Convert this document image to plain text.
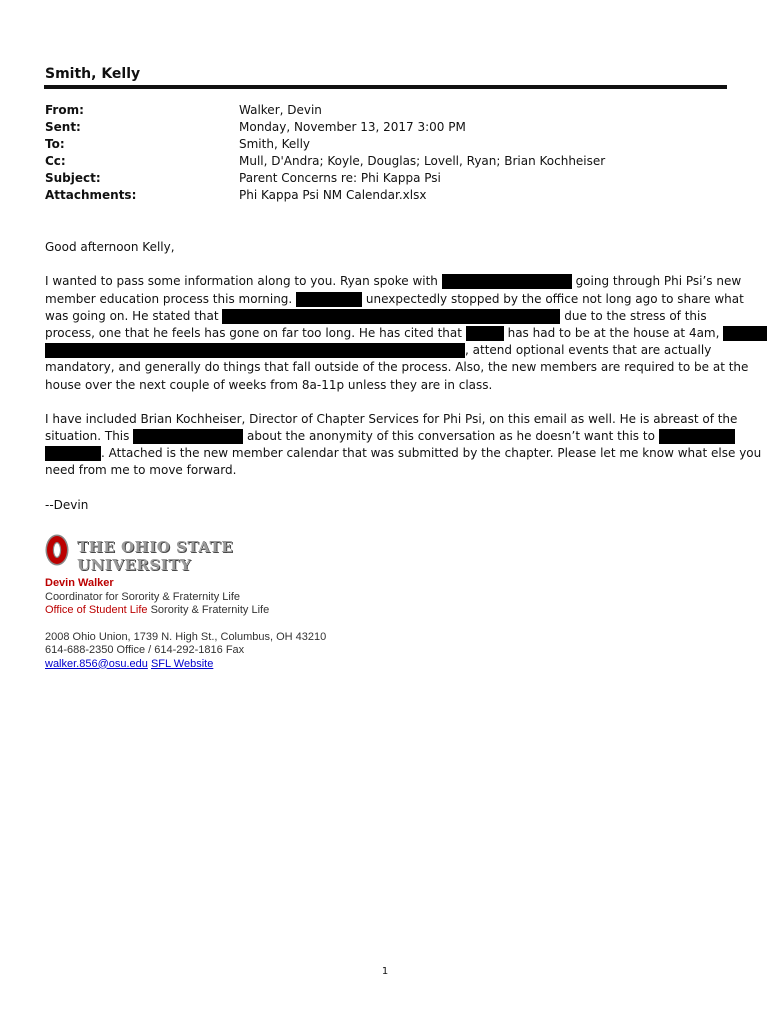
Smith, Kelly
From:	Walker, Devin
Sent:	Monday, November 13, 2017 3:00 PM
To:	Smith, Kelly
Cc:	Mull, D'Andra; Koyle, Douglas; Lovell, Ryan; Brian Kochheiser
Subject:	Parent Concerns re: Phi Kappa Psi
Attachments:	Phi Kappa Psi NM Calendar.xlsx
Good afternoon Kelly,
I wanted to pass some information along to you. Ryan spoke with	going through Phi Psi’s new
member education process this morning.	unexpectedly stopped by the office not long ago to share what
was going on. He stated that	due to the stress of this
process, one that he feels has gone on far too long. He has cited that	has had to be at the house at 4am,
, attend optional events that are actually
mandatory, and generally do things that fall outside of the process. Also, the new members are required to be at the
house over the next couple of weeks from 8a-11p unless they are in class.
I have included Brian Kochheiser, Director of Chapter Services for Phi Psi, on this email as well. He is abreast of the
situation. This	about the anonymity of this conversation as he doesn’t want this to
. Attached is the new member calendar that was submitted by the chapter. Please let me know what else you
need from me to move forward.
--Devin
THE OHIO STATE UNIVERSITY
Devin Walker
Coordinator for Sorority & Fraternity Life
Office of Student Life Sorority & Fraternity Life
2008 Ohio Union, 1739 N. High St., Columbus, OH 43210
614-688-2350 Office / 614-292-1816 Fax
walker.856@osu.edu SFL Website
1
